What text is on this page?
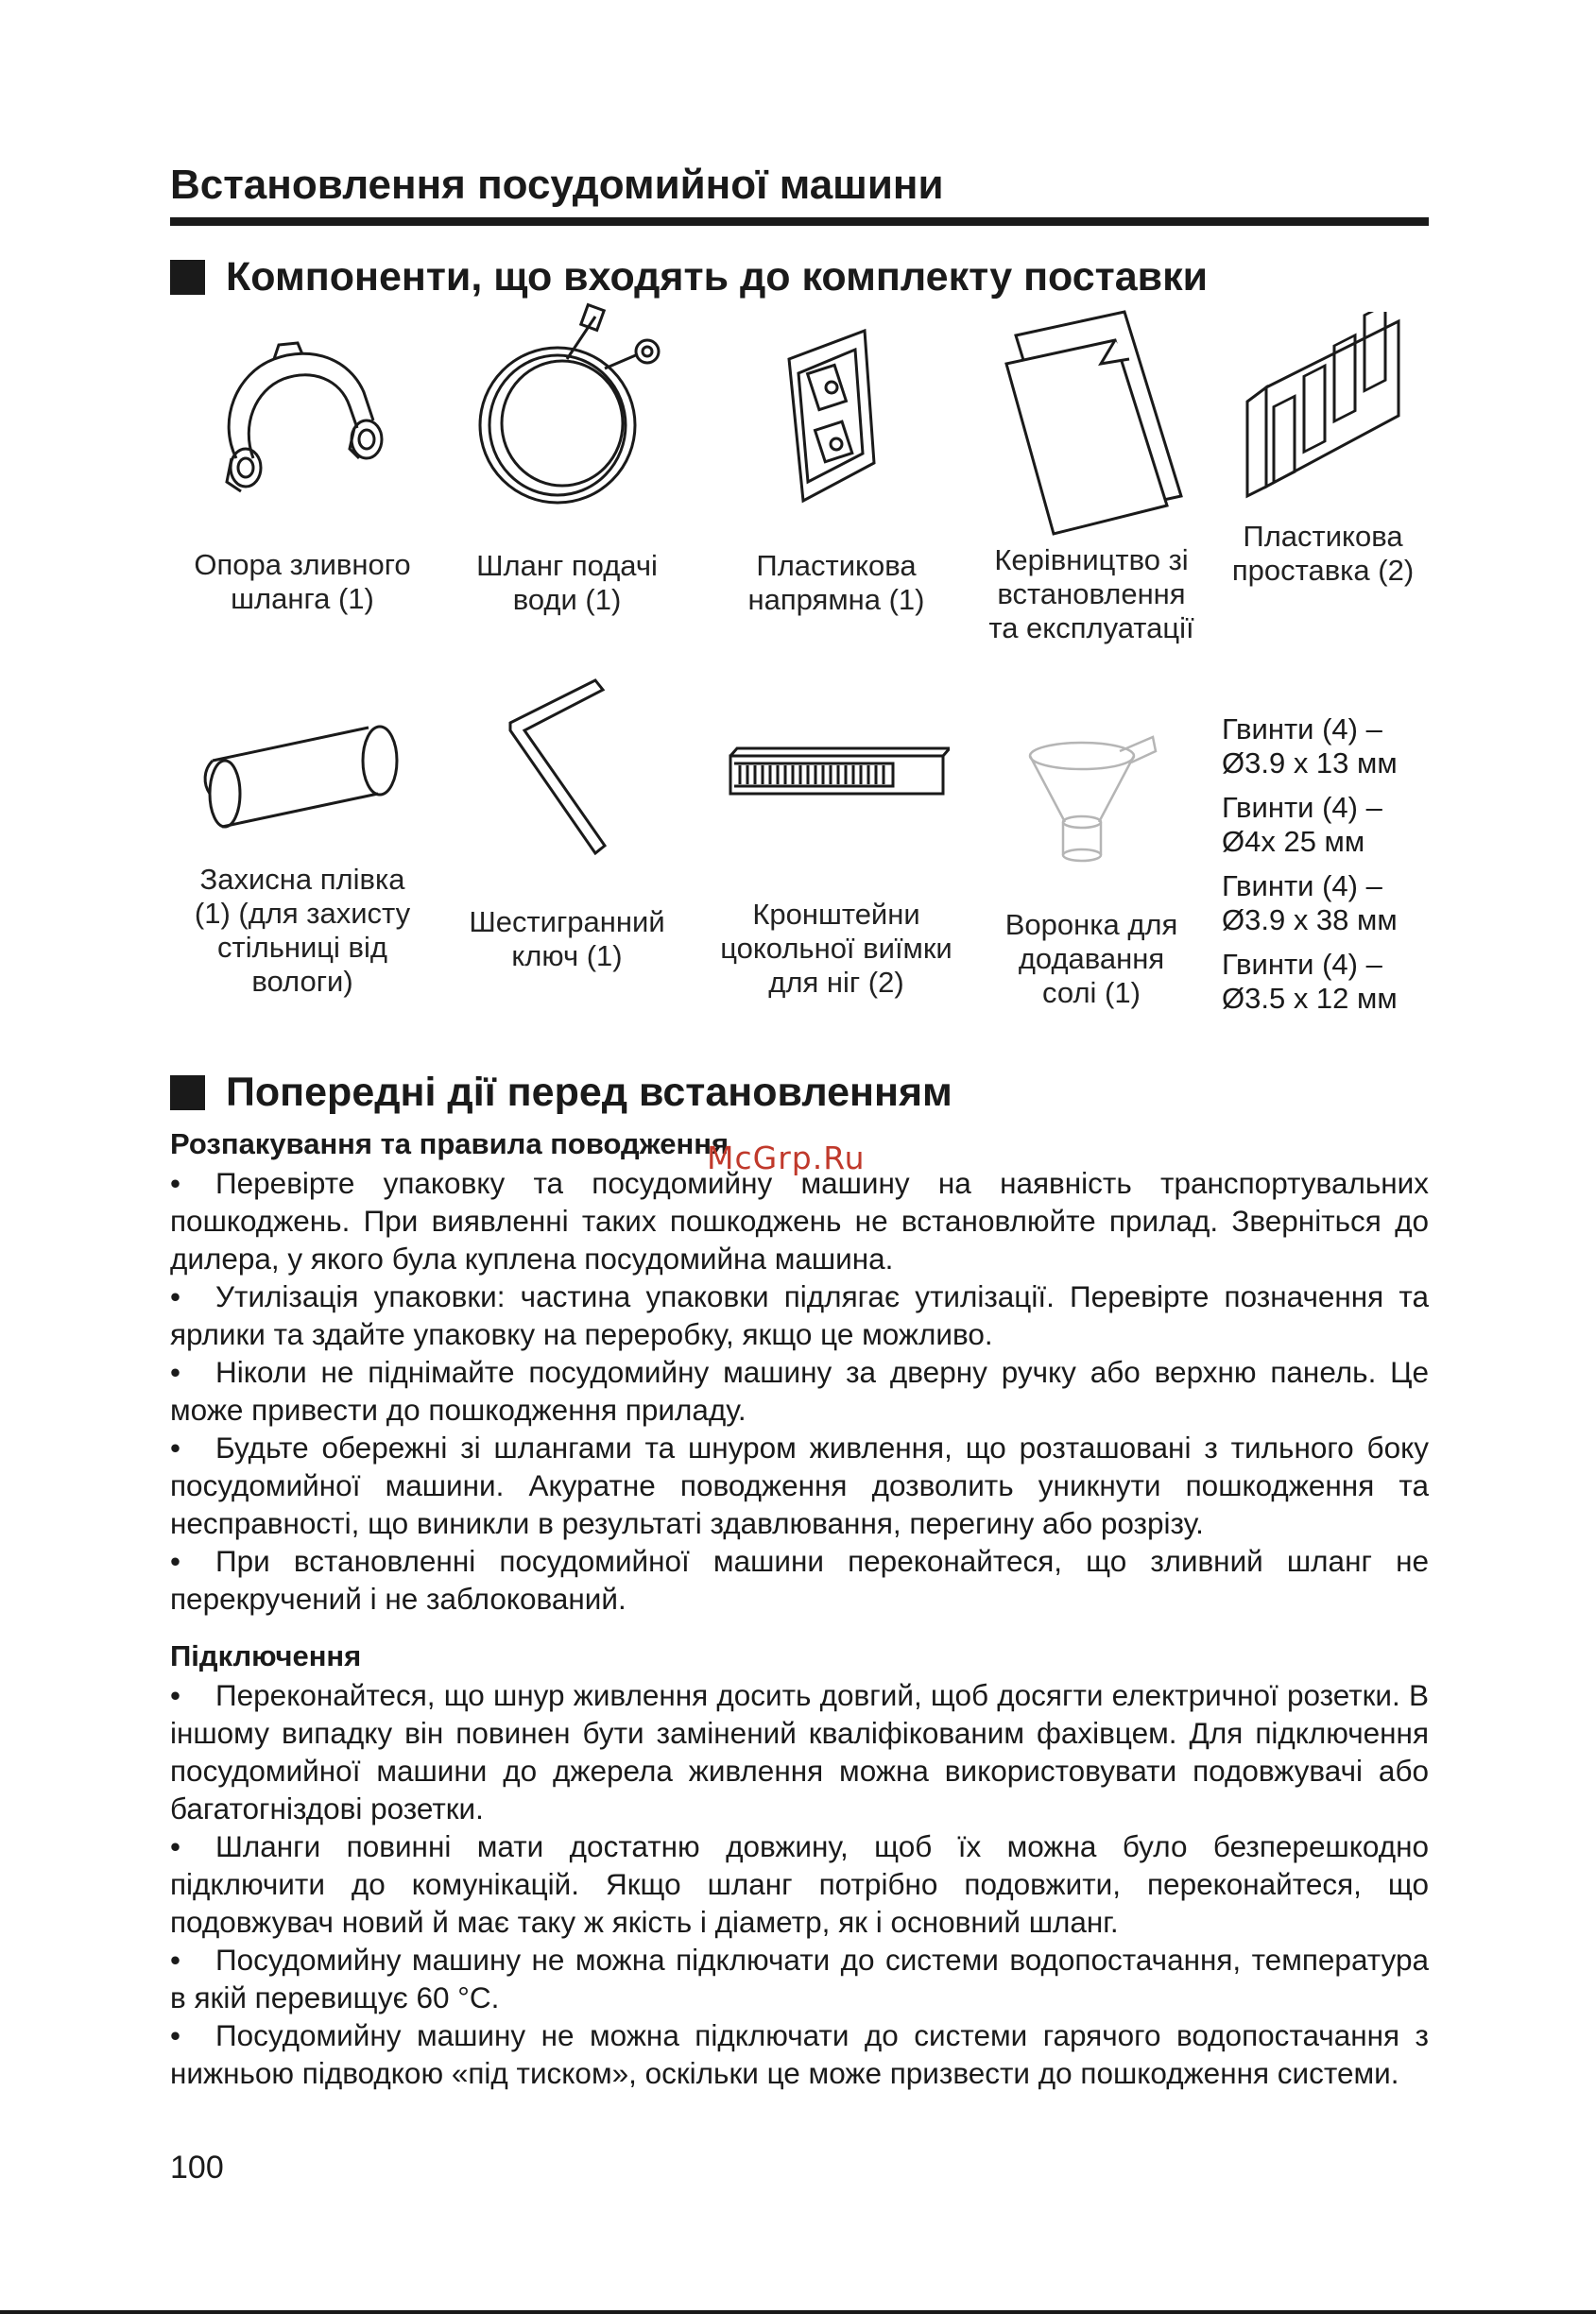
Встановлення посудомийної машини
Компоненти, що входять до комплекту поставки
Опора зливного
шланга (1)
Шланг подачі
води (1)
Пластикова
напрямна (1)
Керівництво зі
встановлення
та експлуатації
Пластикова
проставка (2)
Захисна плівка
(1) (для захисту
стільниці від
вологи)
Шестигранний
ключ (1)
Кронштейни
цокольної виїмки
для ніг (2)
Воронка для
додавання
солі (1)
Гвинти (4) –
Ø3.9 x 13 мм
Гвинти (4) –
Ø4x 25 мм
Гвинти (4) –
Ø3.9 x 38 мм
Гвинти (4) –
Ø3.5 x 12 мм
Попередні дії перед встановленням
Розпакування та правила поводження
McGrp.Ru

• Перевірте упаковку та посудомийну машину на наявність транспортувальних пошкоджень. При виявленні таких пошкоджень не встановлюйте прилад. Зверніться до дилера, у якого була куплена посудомийна машина.

• Утилізація упаковки: частина упаковки підлягає утилізації. Перевірте позначення та ярлики та здайте упаковку на переробку, якщо це можливо.

• Ніколи не піднімайте посудомийну машину за дверну ручку або верхню панель. Це може привести до пошкодження приладу.

• Будьте обережні зі шлангами та шнуром живлення, що розташовані з тильного боку посудомийної машини. Акуратне поводження дозволить уникнути пошкодження та несправності, що виникли в результаті здавлювання, перегину або розрізу.

• При встановленні посудомийної машини переконайтеся, що зливний шланг не перекручений і не заблокований.

Підключення

• Переконайтеся, що шнур живлення досить довгий, щоб досягти електричної розетки. В іншому випадку він повинен бути замінений кваліфікованим фахівцем. Для підключення посудомийної машини до джерела живлення можна використовувати подовжувачі або багатогніздові розетки.

• Шланги повинні мати достатню довжину, щоб їх можна було безперешкодно підключити до комунікацій. Якщо шланг потрібно подовжити, переконайтеся, що подовжувач новий й має таку ж якість і діаметр, як і основний шланг.

• Посудомийну машину не можна підключати до системи водопостачання, температура в якій перевищує 60 °C.

• Посудомийну машину не можна підключати до системи гарячого водопостачання з нижньою підводкою «під тиском», оскільки це може призвести до пошкодження системи.

100
